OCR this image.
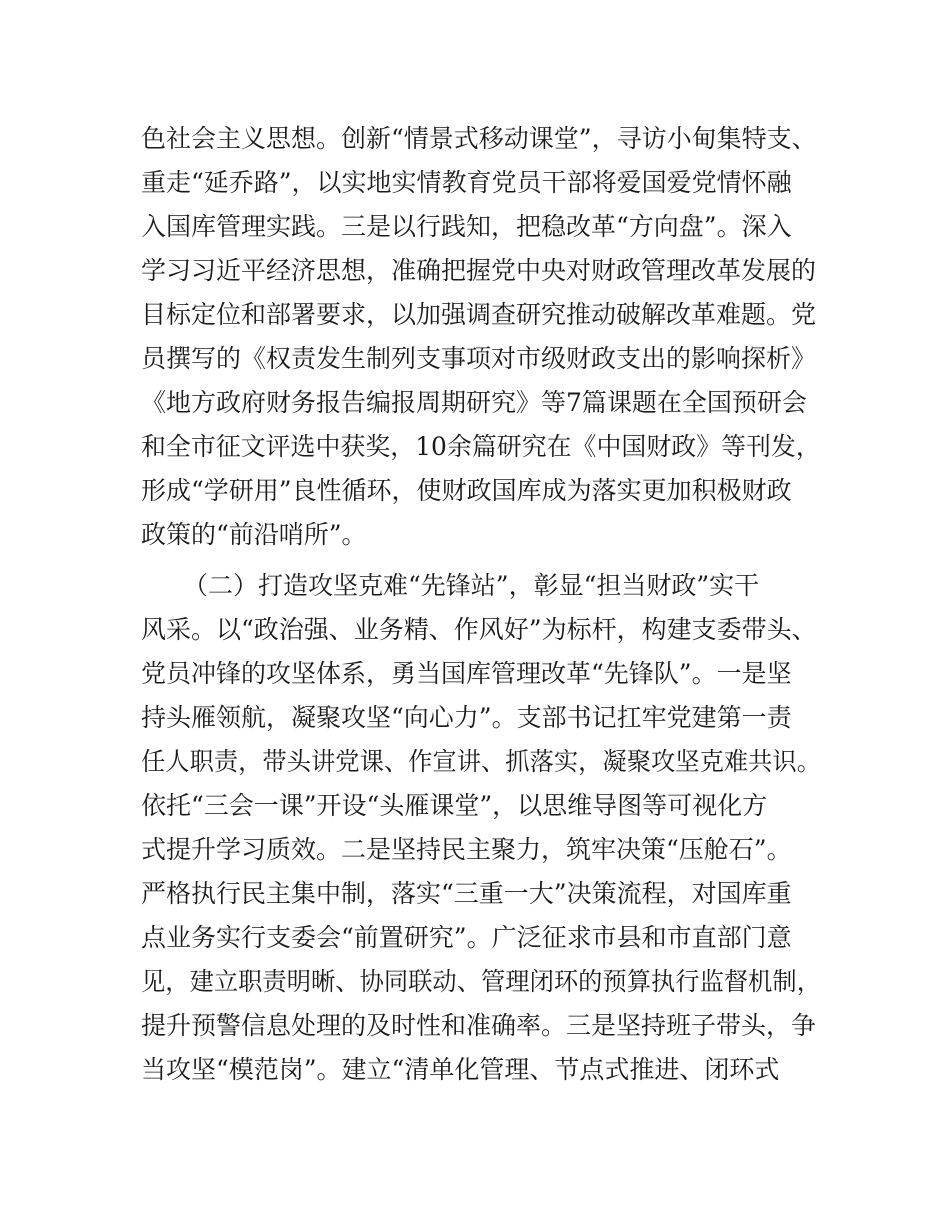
色社会主义思想。创新“情景式移动课堂”，寻访小甸集特支、
重走“延乔路”，以实地实情教育党员干部将爱国爱党情怀融
入国库管理实践。三是以行践知，把稳改革“方向盘”。深入
学习习近平经济思想，准确把握党中央对财政管理改革发展的
目标定位和部署要求，以加强调查研究推动破解改革难题。党
员撰写的《权责发生制列支事项对市级财政支出的影响探析》
《地方政府财务报告编报周期研究》等7篇课题在全国预研会
和全市征文评选中获奖，10余篇研究在《中国财政》等刊发，
形成“学研用”良性循环，使财政国库成为落实更加积极财政
政策的“前沿哨所”。
（二）打造攻坚克难“先锋站”，彰显“担当财政”实干
风采。以“政治强、业务精、作风好”为标杆，构建支委带头、
党员冲锋的攻坚体系，勇当国库管理改革“先锋队”。一是坚
持头雁领航，凝聚攻坚“向心力”。支部书记扛牢党建第一责
任人职责，带头讲党课、作宣讲、抓落实，凝聚攻坚克难共识。
依托“三会一课”开设“头雁课堂”，以思维导图等可视化方
式提升学习质效。二是坚持民主聚力，筑牢决策“压舱石”。
严格执行民主集中制，落实“三重一大”决策流程，对国库重
点业务实行支委会“前置研究”。广泛征求市县和市直部门意
见，建立职责明晰、协同联动、管理闭环的预算执行监督机制，
提升预警信息处理的及时性和准确率。三是坚持班子带头，争
当攻坚“模范岗”。建立“清单化管理、节点式推进、闭环式
